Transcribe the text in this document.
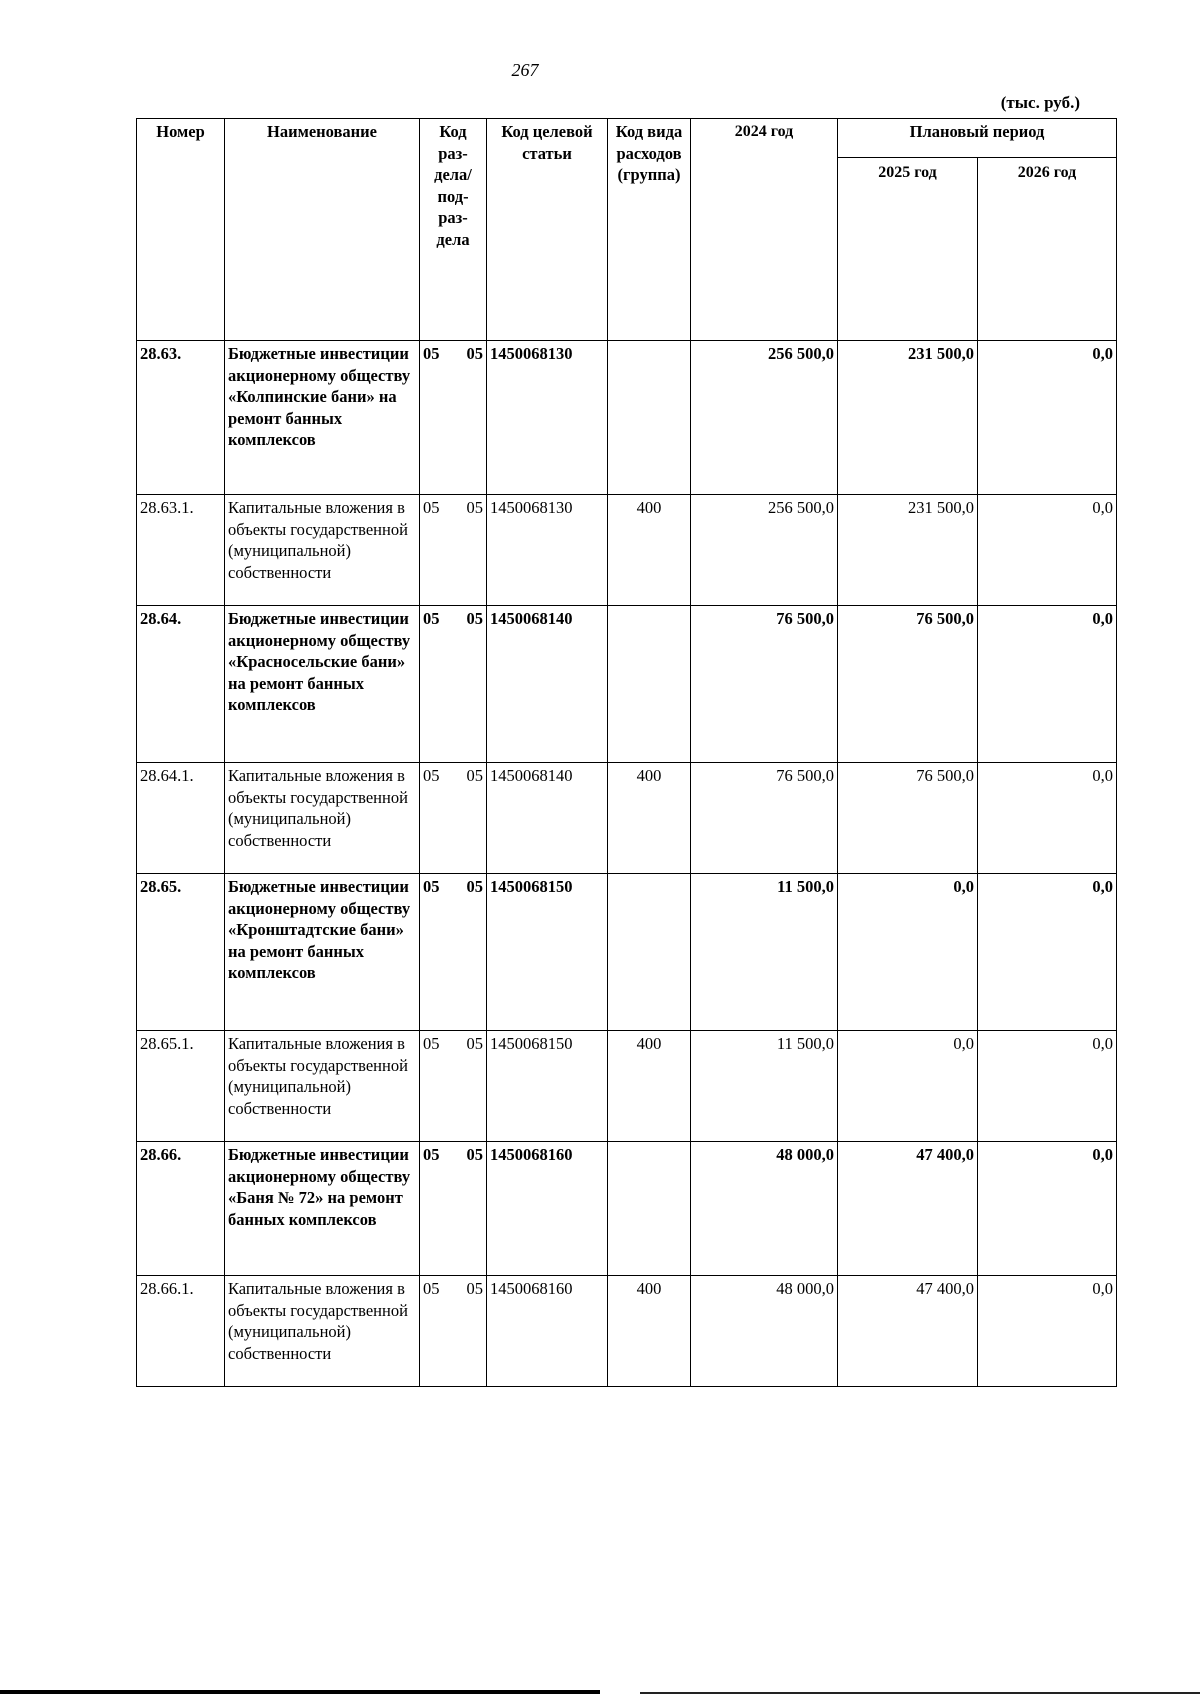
267
(тыс. руб.)
Номер	Наименование	Код раз-дела/ под-раз-дела	Код целевой статьи	Код вида расходов (группа)	2024 год	Плановый период	
						2025 год	2026 год
28.63.	Бюджетные инвестиции акционерному обществу «Колпинские бани» на ремонт банных комплексов	05 05	1450068130		256 500,0	231 500,0	0,0
28.63.1.	Капитальные вложения в объекты государственной (муниципальной) собственности	05 05	1450068130	400	256 500,0	231 500,0	0,0
28.64.	Бюджетные инвестиции акционерному обществу «Красносельские бани» на ремонт банных комплексов	05 05	1450068140		76 500,0	76 500,0	0,0
28.64.1.	Капитальные вложения в объекты государственной (муниципальной) собственности	05 05	1450068140	400	76 500,0	76 500,0	0,0
28.65.	Бюджетные инвестиции акционерному обществу «Кронштадтские бани» на ремонт банных комплексов	05 05	1450068150		11 500,0	0,0	0,0
28.65.1.	Капитальные вложения в объекты государственной (муниципальной) собственности	05 05	1450068150	400	11 500,0	0,0	0,0
28.66.	Бюджетные инвестиции акционерному обществу «Баня № 72» на ремонт банных комплексов	05 05	1450068160		48 000,0	47 400,0	0,0
28.66.1.	Капитальные вложения в объекты государственной (муниципальной) собственности	05 05	1450068160	400	48 000,0	47 400,0	0,0
